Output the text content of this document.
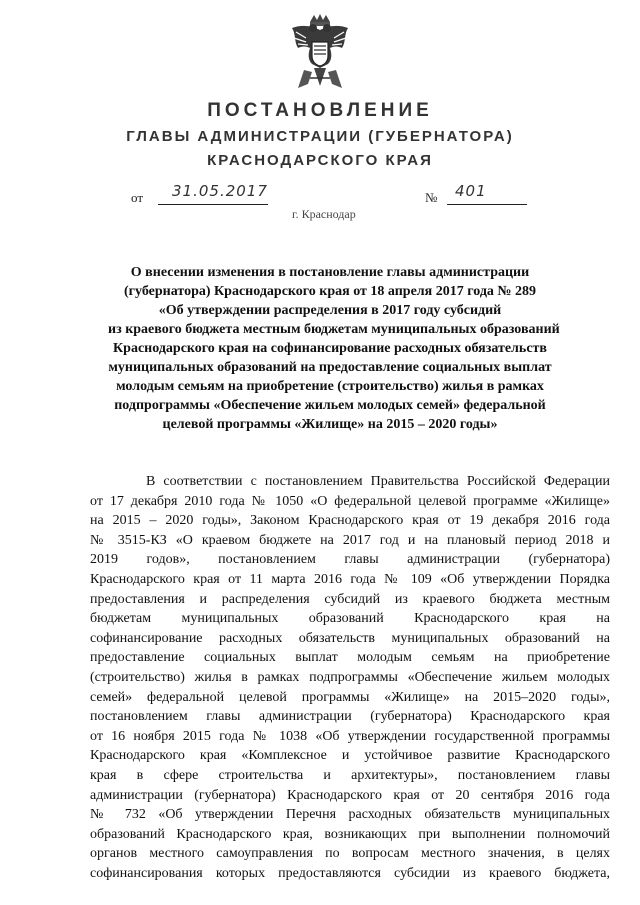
ПОСТАНОВЛЕНИЕ
ГЛАВЫ АДМИНИСТРАЦИИ (ГУБЕРНАТОРА)
КРАСНОДАРСКОГО КРАЯ
от 31.05.2017	№ 401
г. Краснодар
О внесении изменения в постановление главы администрации
(губернатора) Краснодарского края от 18 апреля 2017 года № 289
«Об утверждении распределения в 2017 году субсидий
из краевого бюджета местным бюджетам муниципальных образований
Краснодарского края на софинансирование расходных обязательств
муниципальных образований на предоставление социальных выплат
молодым семьям на приобретение (строительство) жилья в рамках
подпрограммы «Обеспечение жильем молодых семей» федеральной
целевой программы «Жилище» на 2015 – 2020 годы»
В соответствии с постановлением Правительства Российской Федерации
от 17 декабря 2010 года № 1050 «О федеральной целевой программе «Жилище»
на 2015 – 2020 годы», Законом Краснодарского края от 19 декабря 2016 года
№ 3515-КЗ «О краевом бюджете на 2017 год и на плановый период 2018 и
2019 годов», постановлением главы администрации (губернатора)
Краснодарского края от 11 марта 2016 года № 109 «Об утверждении Порядка
предоставления и распределения субсидий из краевого бюджета местным
бюджетам муниципальных образований Краснодарского края на
софинансирование расходных обязательств муниципальных образований на
предоставление социальных выплат молодым семьям на приобретение
(строительство) жилья в рамках подпрограммы «Обеспечение жильем молодых
семей» федеральной целевой программы «Жилище» на 2015–2020 годы»,
постановлением главы администрации (губернатора) Краснодарского края
от 16 ноября 2015 года № 1038 «Об утверждении государственной программы
Краснодарского края «Комплексное и устойчивое развитие Краснодарского
края в сфере строительства и архитектуры», постановлением главы
администрации (губернатора) Краснодарского края от 20 сентября 2016 года
№ 732 «Об утверждении Перечня расходных обязательств муниципальных
образований Краснодарского края, возникающих при выполнении полномочий
органов местного самоуправления по вопросам местного значения, в целях
софинансирования которых предоставляются субсидии из краевого бюджета,
